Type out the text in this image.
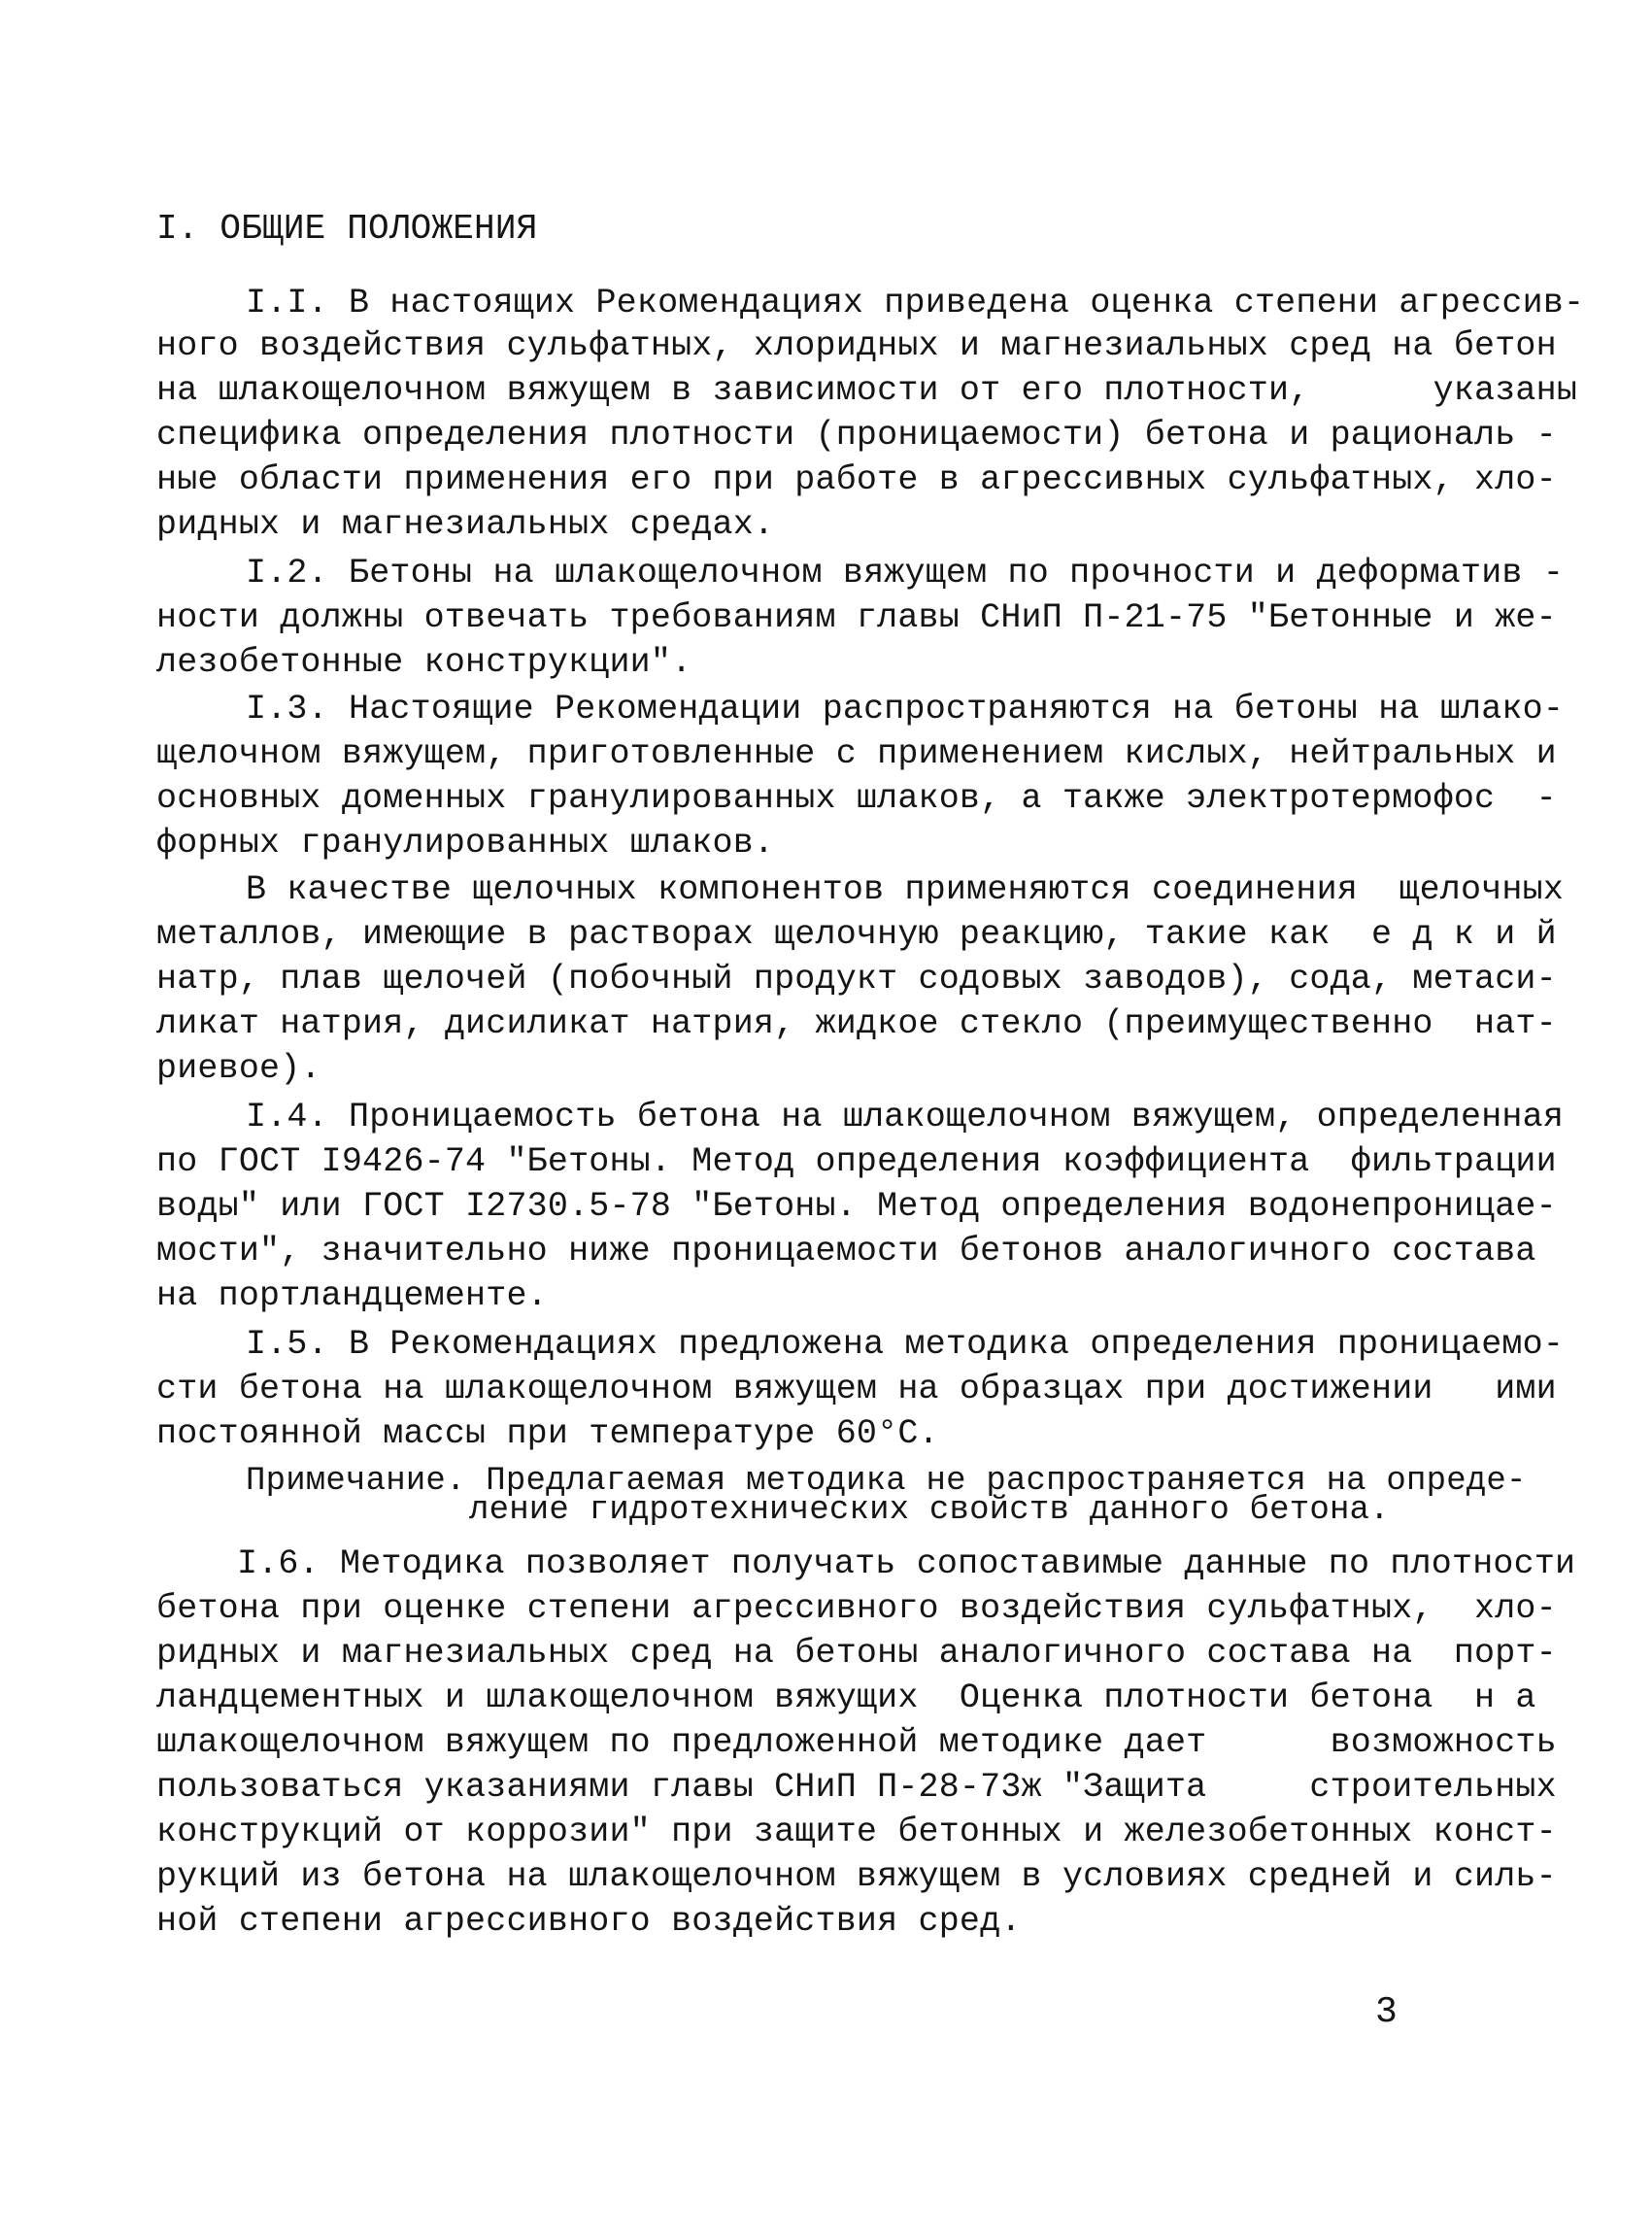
I. ОБЩИЕ ПОЛОЖЕНИЯ
I.I. В настоящих Рекомендациях приведена оценка степени агрессив-
ного воздействия сульфатных, хлоридных и магнезиальных сред на бетон
на шлакощелочном вяжущем в зависимости от его плотности,      указаны
специфика определения плотности (проницаемости) бетона и рациональ -
ные области применения его при работе в агрессивных сульфатных, хло-
ридных и магнезиальных средах.
I.2. Бетоны на шлакощелочном вяжущем по прочности и деформатив -
ности должны отвечать требованиям главы СНиП П-21-75 "Бетонные и же-
лезобетонные конструкции".
I.3. Настоящие Рекомендации распространяются на бетоны на шлако-
щелочном вяжущем, приготовленные с применением кислых, нейтральных и
основных доменных гранулированных шлаков, а также электротермофос  -
форных гранулированных шлаков.
В качестве щелочных компонентов применяются соединения  щелочных
металлов, имеющие в растворах щелочную реакцию, такие как  е д к и й
натр, плав щелочей (побочный продукт содовых заводов), сода, метаси-
ликат натрия, дисиликат натрия, жидкое стекло (преимущественно  нат-
риевое).
I.4. Проницаемость бетона на шлакощелочном вяжущем, определенная
по ГОСТ I9426-74 "Бетоны. Метод определения коэффициента  фильтрации
воды" или ГОСТ I2730.5-78 "Бетоны. Метод определения водонепроницае-
мости", значительно ниже проницаемости бетонов аналогичного состава
на портландцементе.
I.5. В Рекомендациях предложена методика определения проницаемо-
сти бетона на шлакощелочном вяжущем на образцах при достижении   ими
постоянной массы при температуре 60°С.
Примечание. Предлагаемая методика не распространяется на опреде-
ление гидротехнических свойств данного бетона.
I.6. Методика позволяет получать сопоставимые данные по плотности
бетона при оценке степени агрессивного воздействия сульфатных,  хло-
ридных и магнезиальных сред на бетоны аналогичного состава на  порт-
ландцементных и шлакощелочном вяжущих  Оценка плотности бетона  н а
шлакощелочном вяжущем по предложенной методике дает      возможность
пользоваться указаниями главы СНиП П-28-73ж "Защита     строительных
конструкций от коррозии" при защите бетонных и железобетонных конст-
рукций из бетона на шлакощелочном вяжущем в условиях средней и силь-
ной степени агрессивного воздействия сред.
3
